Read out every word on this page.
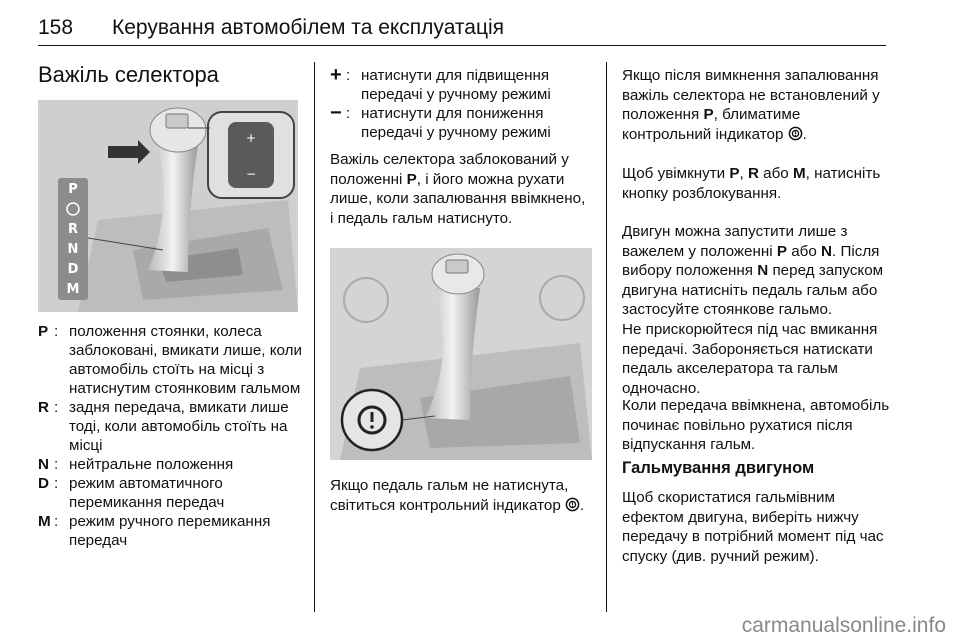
158 Керування автомобілем та експлуатація
Важіль селектора
+
−
P
R
N
D
M
P : положення стоянки, колеса заблоковані, вмикати лише, коли автомобіль стоїть на місці з натиснутим стоянковим гальмом
R : задня передача, вмикати лише тоді, коли автомобіль стоїть на місці
N : нейтральне положення
D : режим автоматичного перемикання передач
M : режим ручного перемикання передач
+ : натиснути для підвищення передачі у ручному режимі
− : натиснути для пониження передачі у ручному режимі
Важіль селектора заблокований у положенні P, і його можна рухати лише, коли запалювання ввімкнено, і педаль гальм натиснуто.
Якщо педаль гальм не натиснута, світиться контрольний індикатор .
Якщо після вимкнення запалювання важіль селектора не встановлений у положення P, блиматиме контрольний індикатор .
Щоб увімкнути P, R або M, натисніть кнопку розблокування.
Двигун можна запустити лише з важелем у положенні P або N. Після вибору положення N перед запуском двигуна натисніть педаль гальм або застосуйте стоянкове гальмо.
Не прискорюйтеся під час вмикання передачі. Забороняється натискати педаль акселератора та гальм одночасно.
Коли передача ввімкнена, автомобіль починає повільно рухатися після відпускання гальм.
Гальмування двигуном
Щоб скористатися гальмівним ефектом двигуна, виберіть нижчу передачу в потрібний момент під час спуску (див. ручний режим).
carmanualsonline.info
